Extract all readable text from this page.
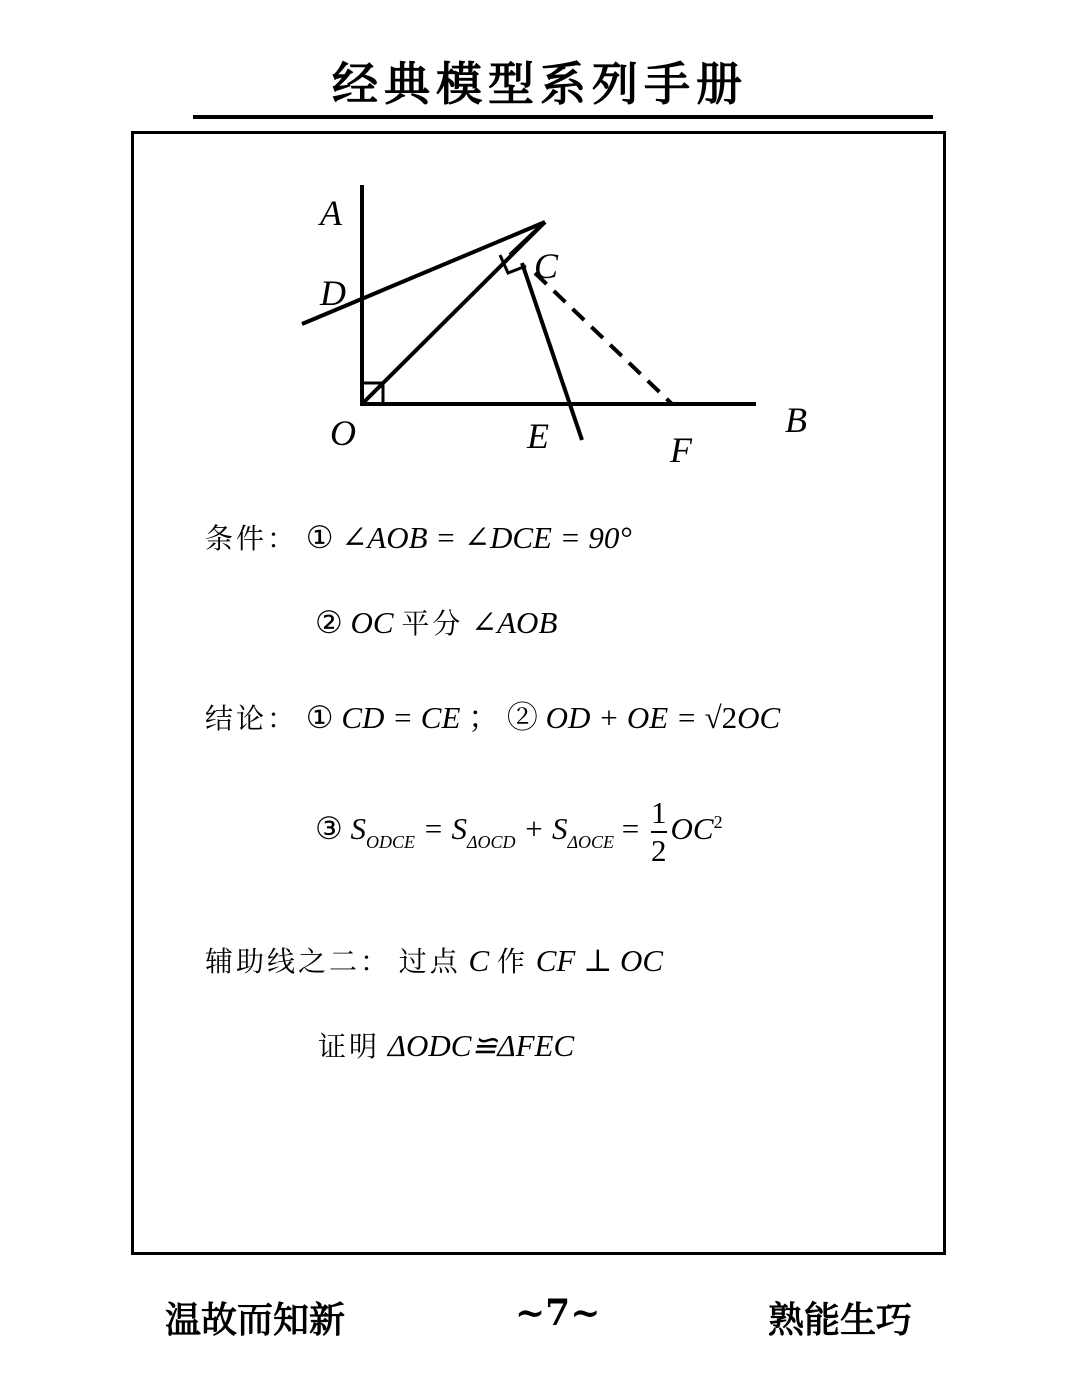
经典模型系列手册
A
D
C
O	E	F
B
条件： ① ∠AOB = ∠DCE = 90°
② OC 平分 ∠AOB
结论： ① CD = CE ； ② OD + OE = √2OC
③ $S_{ODCE} = S_{\Delta OCD} + S_{\Delta OCE} = \frac{1}{2} OC^2$
辅助线之二： 过点 C 作 CF ⊥ OC
证明 ΔODC≌ΔFEC
温故而知新	~7~	熟能生巧
